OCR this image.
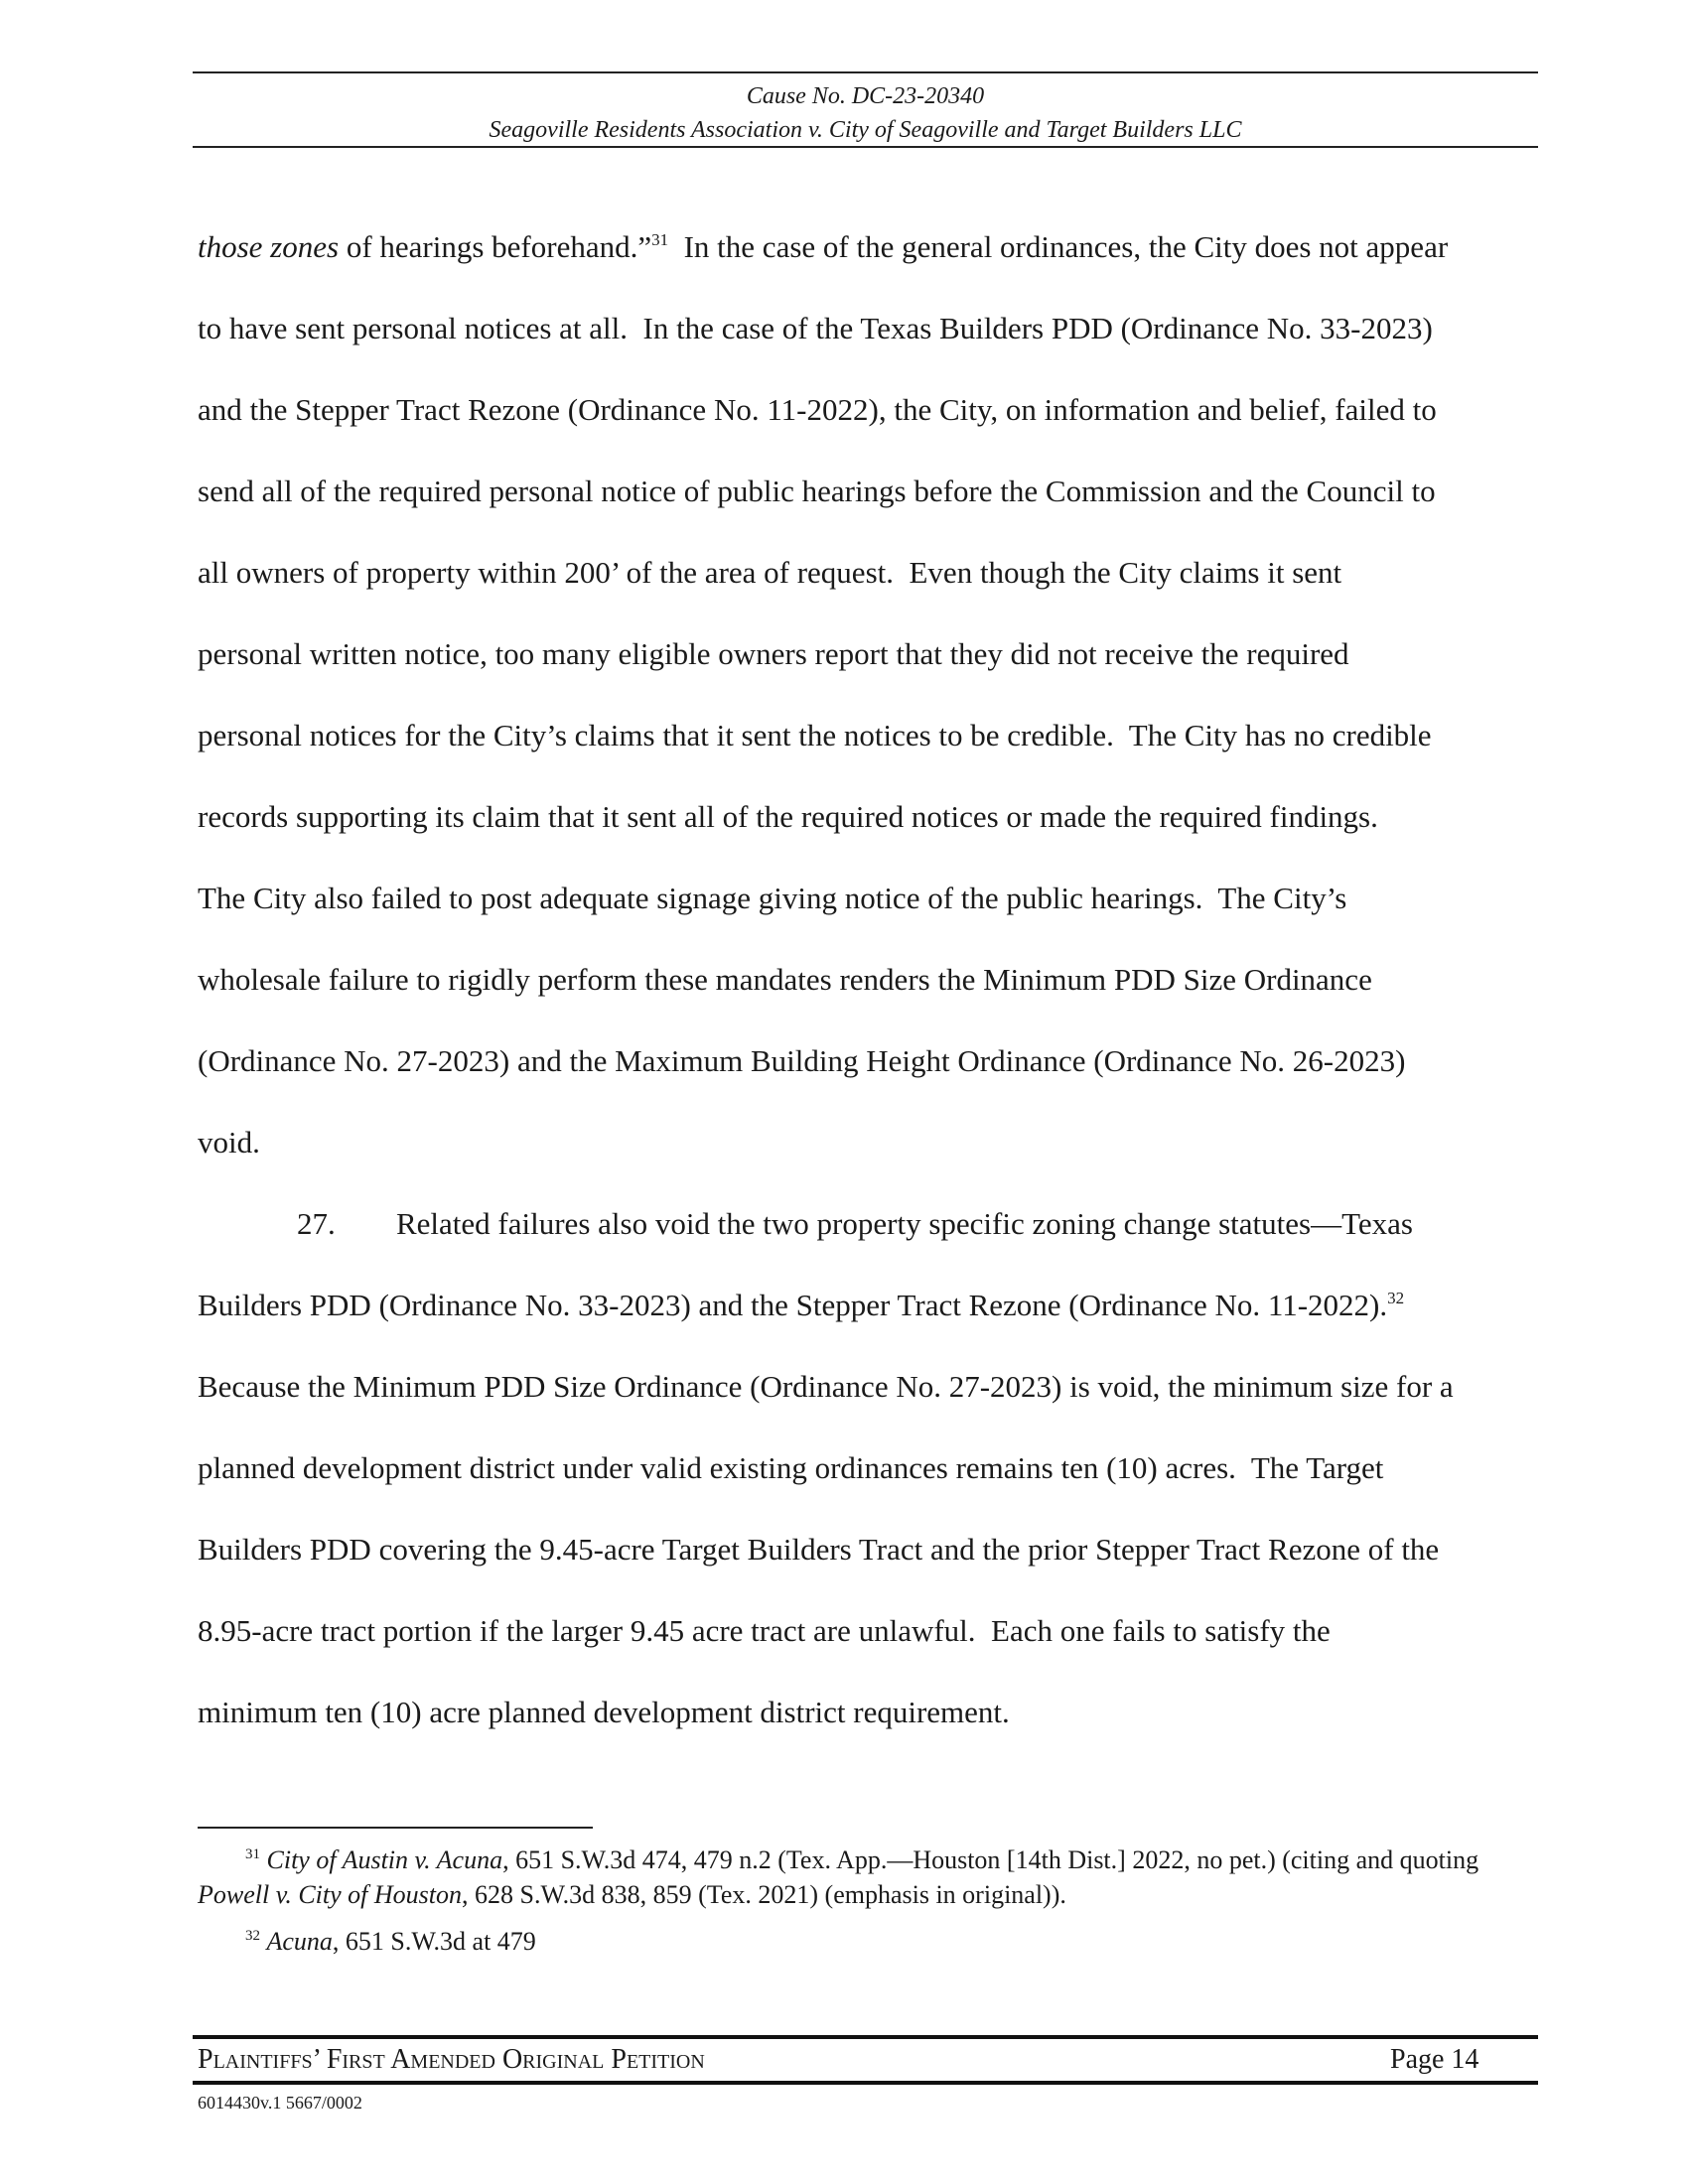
Cause No. DC-23-20340
Seagoville Residents Association v. City of Seagoville and Target Builders LLC
those zones of hearings beforehand.”$^{31}$  In the case of the general ordinances, the City does not appear
to have sent personal notices at all.  In the case of the Texas Builders PDD (Ordinance No. 33-2023)
and the Stepper Tract Rezone (Ordinance No. 11-2022), the City, on information and belief, failed to
send all of the required personal notice of public hearings before the Commission and the Council to
all owners of property within 200’ of the area of request.  Even though the City claims it sent
personal written notice, too many eligible owners report that they did not receive the required
personal notices for the City’s claims that it sent the notices to be credible.  The City has no credible
records supporting its claim that it sent all of the required notices or made the required findings.
The City also failed to post adequate signage giving notice of the public hearings.  The City’s
wholesale failure to rigidly perform these mandates renders the Minimum PDD Size Ordinance
(Ordinance No. 27-2023) and the Maximum Building Height Ordinance (Ordinance No. 26-2023)
void.
27. Related failures also void the two property specific zoning change statutes—Texas
Builders PDD (Ordinance No. 33-2023) and the Stepper Tract Rezone (Ordinance No. 11-2022).$^{32}$
Because the Minimum PDD Size Ordinance (Ordinance No. 27-2023) is void, the minimum size for a
planned development district under valid existing ordinances remains ten (10) acres.  The Target
Builders PDD covering the 9.45-acre Target Builders Tract and the prior Stepper Tract Rezone of the
8.95-acre tract portion if the larger 9.45 acre tract are unlawful.  Each one fails to satisfy the
minimum ten (10) acre planned development district requirement.

$^{31}$ City of Austin v. Acuna, 651 S.W.3d 474, 479 n.2 (Tex. App.—Houston [14th Dist.] 2022, no pet.) (citing and quoting Powell v. City of Houston, 628 S.W.3d 838, 859 (Tex. 2021) (emphasis in original)).

$^{32}$ Acuna, 651 S.W.3d at 479

Plaintiffs’ First Amended Original Petition	Page 14
6014430v.1 5667/0002
